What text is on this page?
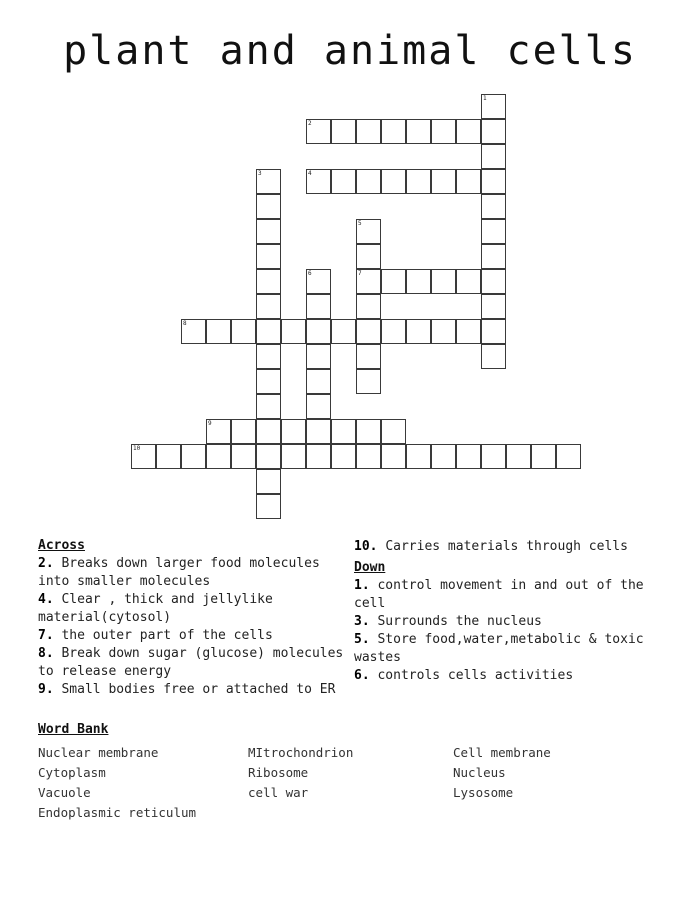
plant and animal cells
1
2
3	4
5
6	7
8
9
10
Across
2. Breaks down larger food molecules into smaller molecules
4. Clear , thick and jellylike material(cytosol)
7. the outer part of the cells
8. Break down sugar (glucose) molecules to release energy
9. Small bodies free or attached to ER
10. Carries materials through cells
Down
1. control movement in and out of the cell
3. Surrounds the nucleus
5. Store food,water,metabolic & toxic wastes
6. controls cells activities
Word Bank
Nuclear membrane	MItrochondrion	Cell membrane
Cytoplasm	Ribosome	Nucleus
Vacuole	cell war	Lysosome
Endoplasmic reticulum
